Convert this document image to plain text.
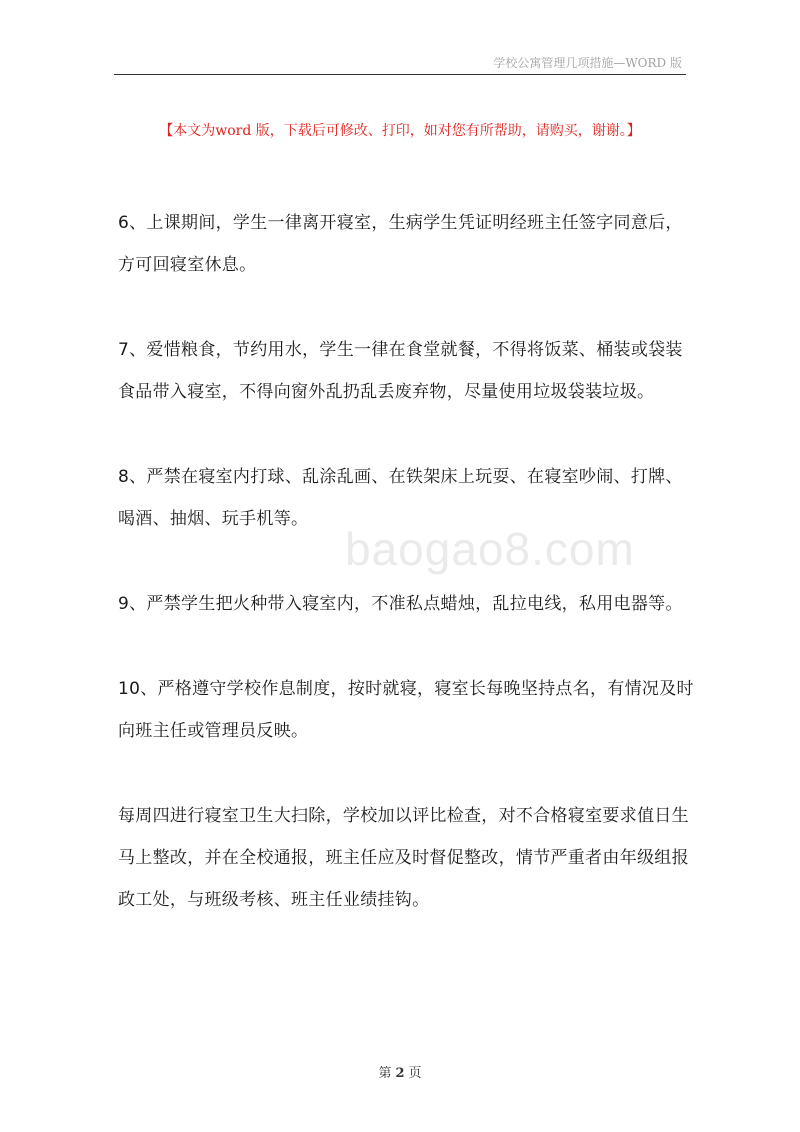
学校公寓管理几项措施—WORD 版
【本文为word 版，下载后可修改、打印，如对您有所帮助，请购买，谢谢。】

6、上课期间，学生一律离开寝室，生病学生凭证明经班主任签字同意后，方可回寝室休息。

7、爱惜粮食，节约用水，学生一律在食堂就餐，不得将饭菜、桶装或袋装食品带入寝室，不得向窗外乱扔乱丢废弃物，尽量使用垃圾袋装垃圾。

8、严禁在寝室内打球、乱涂乱画、在铁架床上玩耍、在寝室吵闹、打牌、喝酒、抽烟、玩手机等。

9、严禁学生把火种带入寝室内，不准私点蜡烛，乱拉电线，私用电器等。

10、严格遵守学校作息制度，按时就寝，寝室长每晚坚持点名，有情况及时向班主任或管理员反映。

每周四进行寝室卫生大扫除，学校加以评比检查，对不合格寝室要求值日生马上整改，并在全校通报，班主任应及时督促整改，情节严重者由年级组报政工处，与班级考核、班主任业绩挂钩。

baogao8.com
第 2 页
